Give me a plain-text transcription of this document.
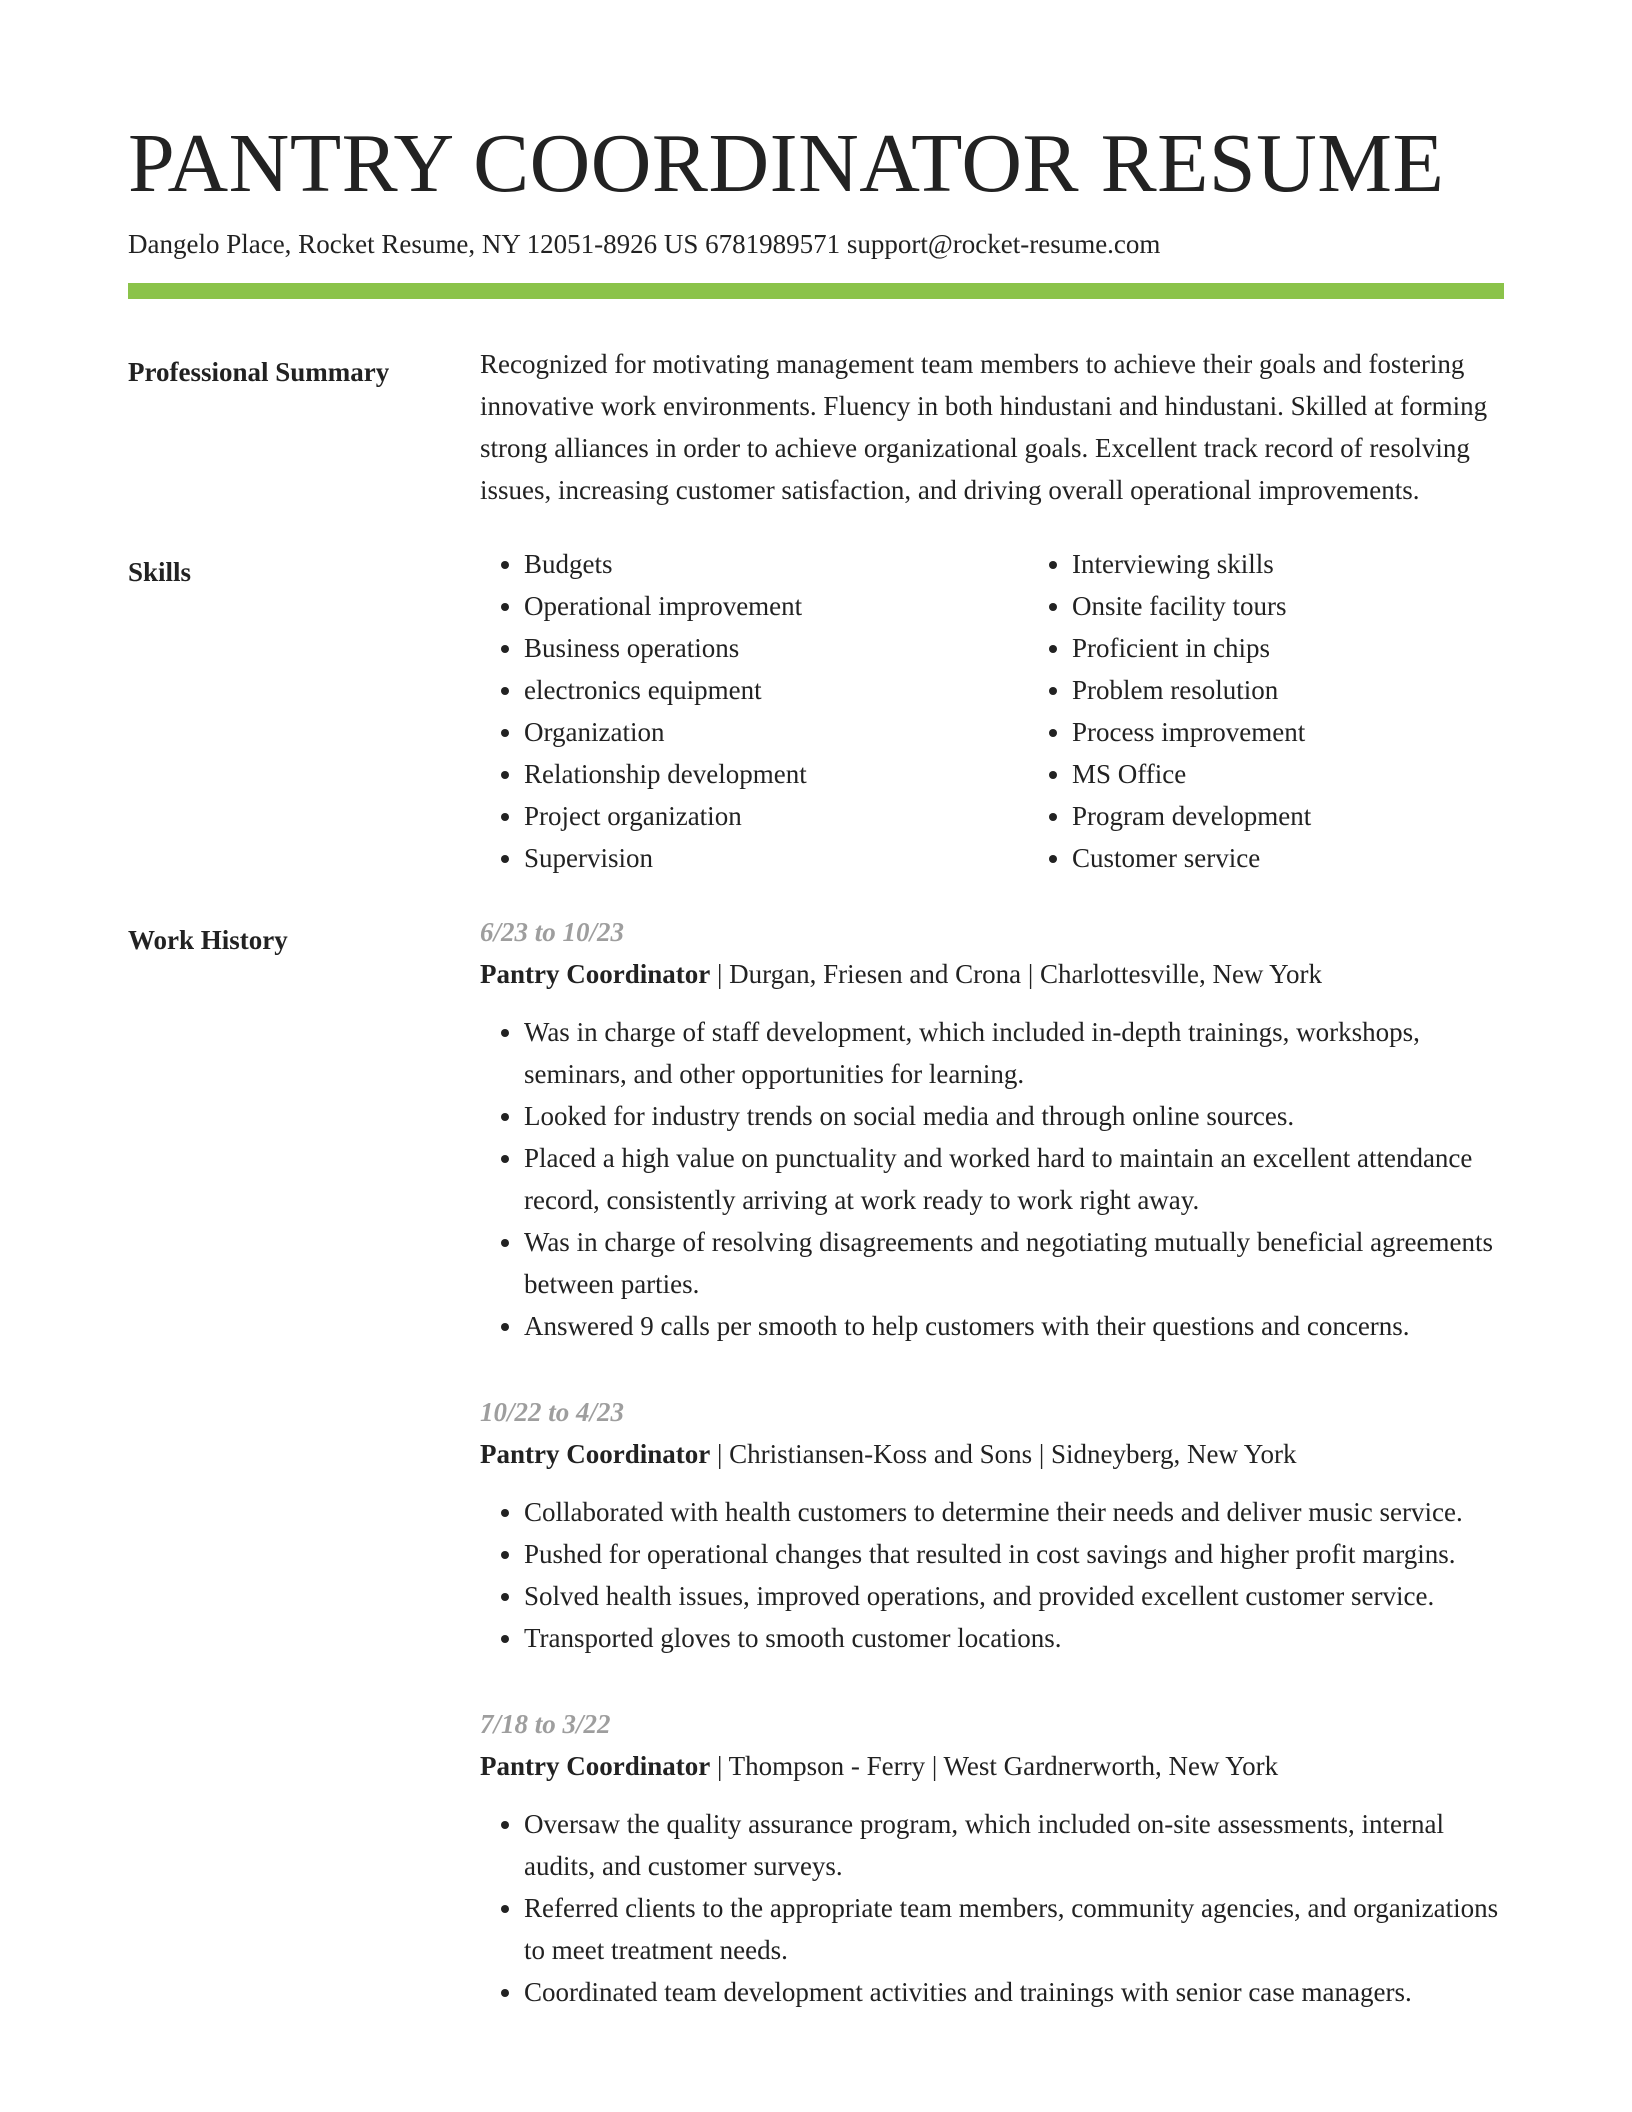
PANTRY COORDINATOR RESUME
Dangelo Place, Rocket Resume, NY 12051-8926 US 6781989571 support@rocket-resume.com
Professional Summary	Recognized for motivating management team members to achieve their goals and fostering innovative work environments. Fluency in both hindustani and hindustani. Skilled at forming strong alliances in order to achieve organizational goals. Excellent track record of resolving issues, increasing customer satisfaction, and driving overall operational improvements.

Skills
•	Budgets
• Operational improvement
• Business operations
• electronics equipment
• Organization
• Relationship development
• Project organization
• Supervision
• Interviewing skills
• Onsite facility tours
• Proficient in chips
• Problem resolution
• Process improvement
• MS Office
• Program development
• Customer service
Work History	6/23 to 10/23
Pantry Coordinator | Durgan, Friesen and Crona | Charlottesville, New York
• Was in charge of staff development, which included in-depth trainings, workshops, seminars, and other opportunities for learning.
• Looked for industry trends on social media and through online sources.
• Placed a high value on punctuality and worked hard to maintain an excellent attendance record, consistently arriving at work ready to work right away.
• Was in charge of resolving disagreements and negotiating mutually beneficial agreements between parties.
• Answered 9 calls per smooth to help customers with their questions and concerns.
10/22 to 4/23
Pantry Coordinator | Christiansen-Koss and Sons | Sidneyberg, New York
• Collaborated with health customers to determine their needs and deliver music service.
• Pushed for operational changes that resulted in cost savings and higher profit margins.
• Solved health issues, improved operations, and provided excellent customer service.
• Transported gloves to smooth customer locations.
7/18 to 3/22
Pantry Coordinator | Thompson - Ferry | West Gardnerworth, New York
• Oversaw the quality assurance program, which included on-site assessments, internal audits, and customer surveys.
• Referred clients to the appropriate team members, community agencies, and organizations to meet treatment needs.
• Coordinated team development activities and trainings with senior case managers.
